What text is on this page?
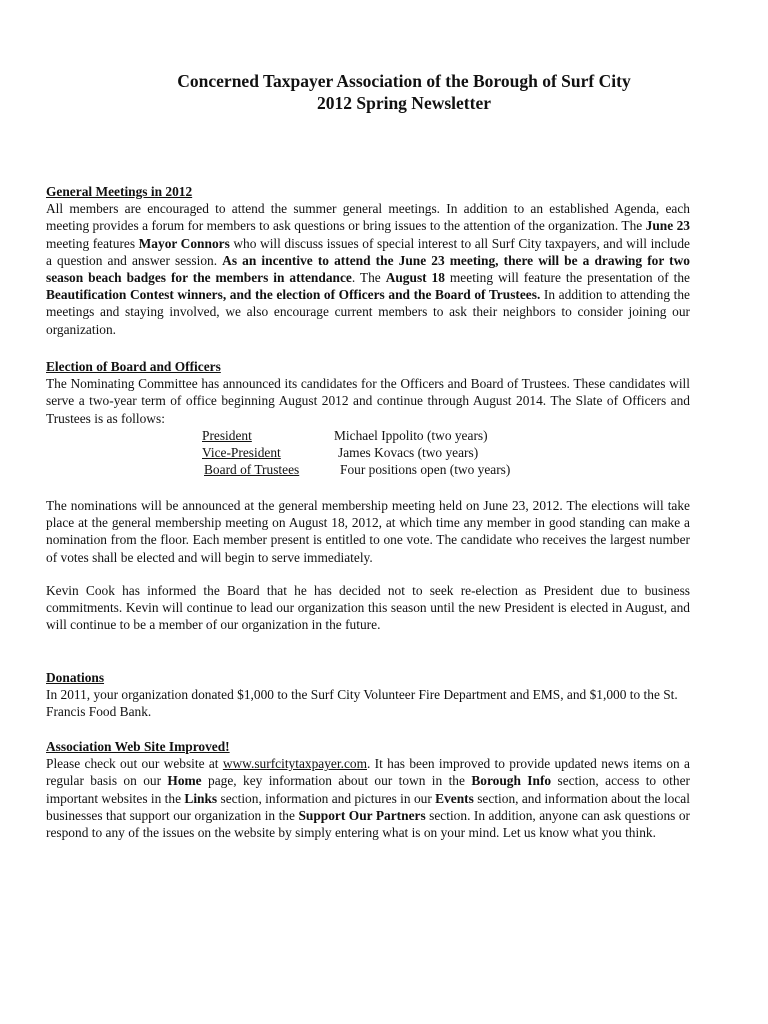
Concerned Taxpayer Association of the Borough of Surf City

2012 Spring Newsletter

General Meetings in 2012

All members are encouraged to attend the summer general meetings. In addition to an established Agenda, each meeting provides a forum for members to ask questions or bring issues to the attention of the organization. The June 23 meeting features Mayor Connors who will discuss issues of special interest to all Surf City taxpayers, and will include a question and answer session. As an incentive to attend the June 23 meeting, there will be a drawing for two season beach badges for the members in attendance. The August 18 meeting will feature the presentation of the Beautification Contest winners, and the election of Officers and the Board of Trustees. In addition to attending the meetings and staying involved, we also encourage current members to ask their neighbors to consider joining our organization.

Election of Board and Officers

The Nominating Committee has announced its candidates for the Officers and Board of Trustees. These candidates will serve a two-year term of office beginning August 2012 and continue through August 2014. The Slate of Officers and Trustees is as follows:

President	Michael Ippolito (two years)
Vice-President	James Kovacs (two years)
Board of Trustees	Four positions open (two years)

The nominations will be announced at the general membership meeting held on June 23, 2012. The elections will take place at the general membership meeting on August 18, 2012, at which time any member in good standing can make a nomination from the floor. Each member present is entitled to one vote. The candidate who receives the largest number of votes shall be elected and will begin to serve immediately.

Kevin Cook has informed the Board that he has decided not to seek re-election as President due to business commitments. Kevin will continue to lead our organization this season until the new President is elected in August, and will continue to be a member of our organization in the future.

Donations

In 2011, your organization donated $1,000 to the Surf City Volunteer Fire Department and EMS, and $1,000 to the St. Francis Food Bank.

Association Web Site Improved!

Please check out our website at www.surfcitytaxpayer.com. It has been improved to provide updated news items on a regular basis on our Home page, key information about our town in the Borough Info section, access to other important websites in the Links section, information and pictures in our Events section, and information about the local businesses that support our organization in the Support Our Partners section. In addition, anyone can ask questions or respond to any of the issues on the website by simply entering what is on your mind. Let us know what you think.
